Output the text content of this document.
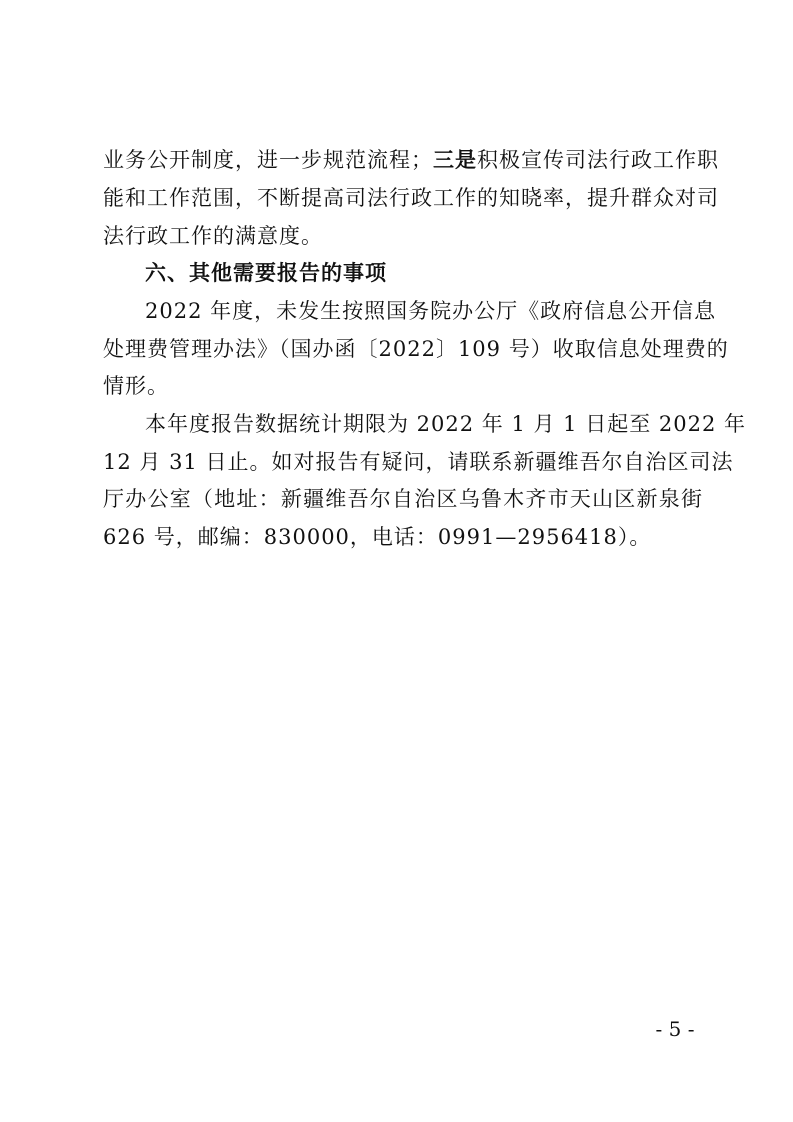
业务公开制度，进一步规范流程；三是积极宣传司法行政工作职
能和工作范围，不断提高司法行政工作的知晓率，提升群众对司
法行政工作的满意度。
六、其他需要报告的事项
2022 年度，未发生按照国务院办公厅《政府信息公开信息
处理费管理办法》（国办函〔2022〕109 号）收取信息处理费的
情形。
本年度报告数据统计期限为 2022 年 1 月 1 日起至 2022 年
12 月 31 日止。如对报告有疑问，请联系新疆维吾尔自治区司法
厅办公室（地址：新疆维吾尔自治区乌鲁木齐市天山区新泉街
626 号，邮编：830000，电话：0991—2956418）。
- 5 -
